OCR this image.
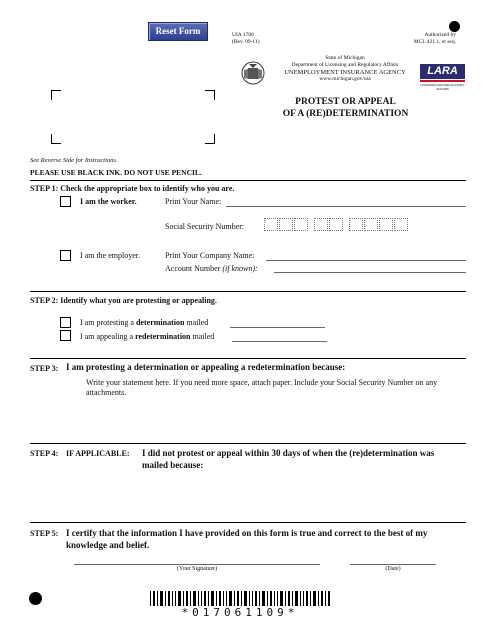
Reset Form	UIA 1706
(Rev. 09-11)
Authorized by
MCL 421.1, et seq.
State of Michigan
Department of Licensing and Regulatory Affairs
UNEMPLOYMENT INSURANCE AGENCY
www.michigan.gov/uia
LARA
LICENSING AND REGULATORY AFFAIRS
PROTEST OR APPEAL
OF A (RE)DETERMINATION
See Reverse Side for Instructions.
PLEASE USE BLACK INK. DO NOT USE PENCIL.
STEP 1: Check the appropriate box to identify who you are.
I am the worker.	Print Your Name:
Social Security Number:
I am the employer.	Print Your Company Name:
Account Number (if known):
STEP 2: Identify what you are protesting or appealing.
I am protesting a determination mailed
I am appealing a redetermination mailed
STEP 3: I am protesting a determination or appealing a redetermination because:
Write your statement here. If you need more space, attach paper. Include your Social Security Number on any attachments.
STEP 4: IF APPLICABLE: I did not protest or appeal within 30 days of when the (re)determination was
mailed because:
STEP 5: I certify that the information I have provided on this form is true and correct to the best of my
knowledge and belief.
(Your Signature)	(Date)
*017061109*
